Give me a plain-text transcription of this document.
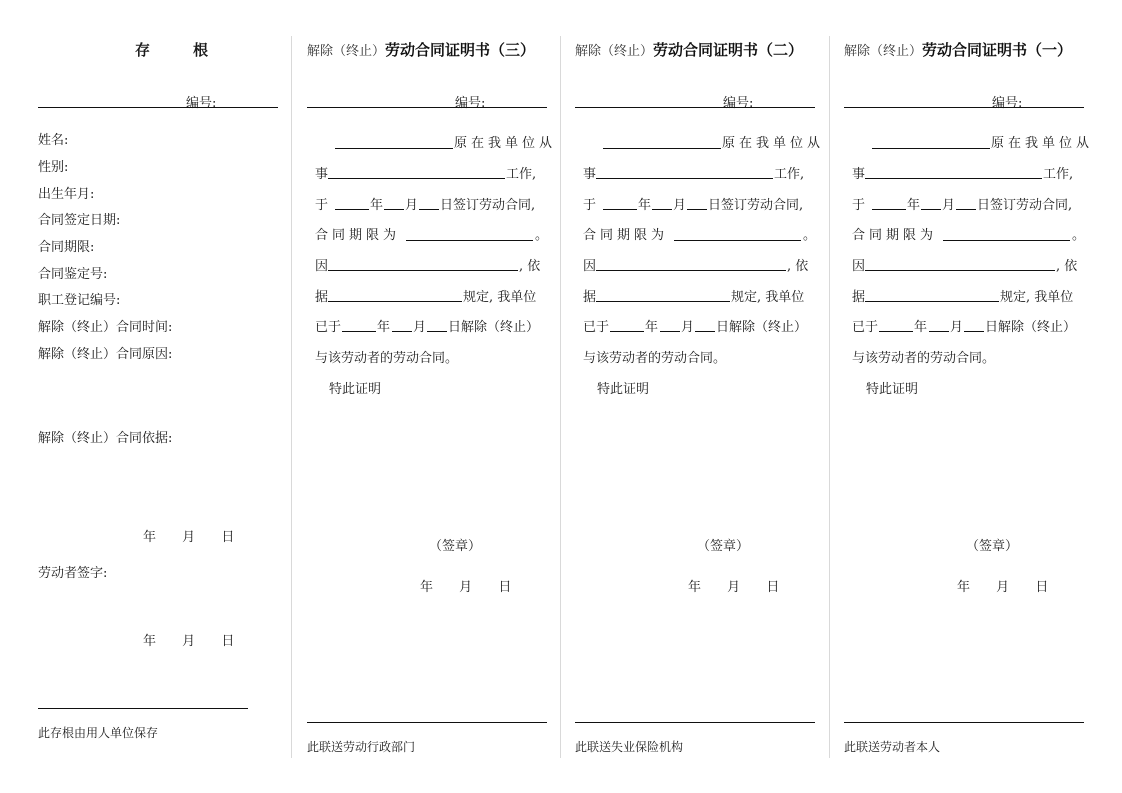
存　根
编号:
姓名:
性别:
出生年月:
合同签定日期:
合同期限:
合同鉴定号:
职工登记编号:
解除（终止）合同时间:
解除（终止）合同原因:
解除（终止）合同依据:
年 月 日
劳动者签字:
年 月 日
此存根由用人单位保存
解除（终止）劳动合同证明书（三）
编号:
原在我单位从
事	工作,
于	年 月 日签订劳动合同,
合同期限为	。
因	, 依
据	规定, 我单位
已于	年 月 日解除（终止）
与该劳动者的劳动合同。
特此证明
（签章）
年 月 日
此联送劳动行政部门
解除（终止）劳动合同证明书（二）
编号:
原在我单位从
事	工作,
于	年 月 日签订劳动合同,
合同期限为	。
因	, 依
据	规定, 我单位
已于	年 月 日解除（终止）
与该劳动者的劳动合同。
特此证明
（签章）
年 月 日
此联送失业保险机构
解除（终止）劳动合同证明书（一）
编号:
原在我单位从
事	工作,
于	年 月 日签订劳动合同,
合同期限为	。
因	, 依
据	规定, 我单位
已于	年 月 日解除（终止）
与该劳动者的劳动合同。
特此证明
（签章）
年 月 日
此联送劳动者本人
